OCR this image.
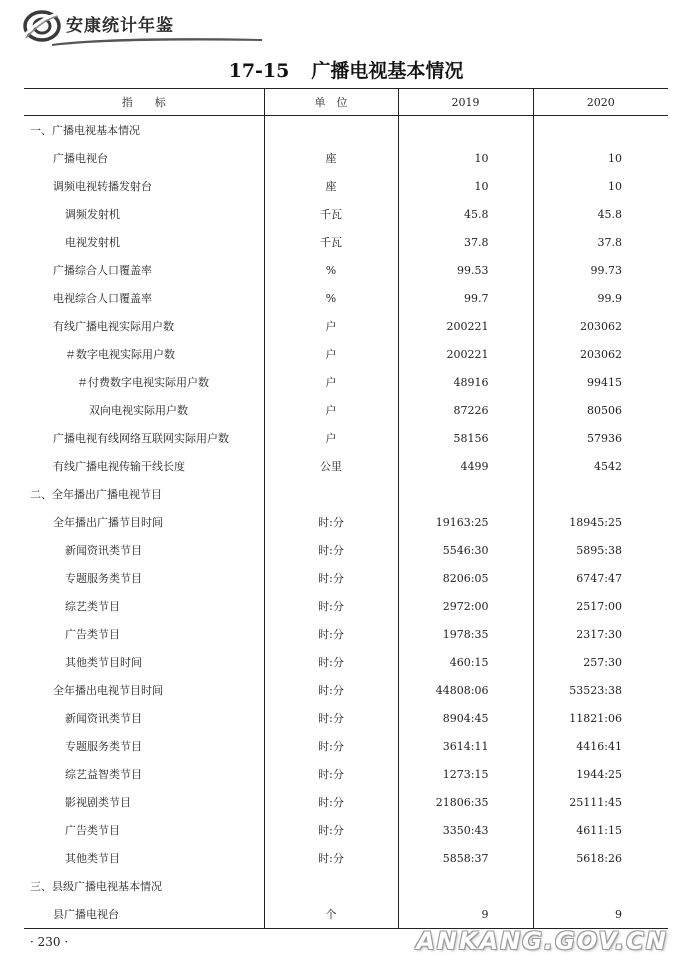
安康统计年鉴
17-15 广播电视基本情况
指　　标	单　位	2019	2020
一、广播电视基本情况			
广播电视台	座	10	10
调频电视转播发射台	座	10	10
调频发射机	千瓦	45.8	45.8
电视发射机	千瓦	37.8	37.8
广播综合人口覆盖率	%	99.53	99.73
电视综合人口覆盖率	%	99.7	99.9
有线广播电视实际用户数	户	200221	203062
＃数字电视实际用户数	户	200221	203062
＃付费数字电视实际用户数	户	48916	99415
双向电视实际用户数	户	87226	80506
广播电视有线网络互联网实际用户数	户	58156	57936
有线广播电视传输干线长度	公里	4499	4542
二、全年播出广播电视节目			
全年播出广播节目时间	时:分	19163:25	18945:25
新闻资讯类节目	时:分	5546:30	5895:38
专题服务类节目	时:分	8206:05	6747:47
综艺类节目	时:分	2972:00	2517:00
广告类节目	时:分	1978:35	2317:30
其他类节目时间	时:分	460:15	257:30
全年播出电视节目时间	时:分	44808:06	53523:38
新闻资讯类节目	时:分	8904:45	11821:06
专题服务类节目	时:分	3614:11	4416:41
综艺益智类节目	时:分	1273:15	1944:25
影视剧类节目	时:分	21806:35	25111:45
广告类节目	时:分	3350:43	4611:15
其他类节目	时:分	5858:37	5618:26
三、县级广播电视基本情况			
县广播电视台	个	9	9
· 230 ·	ANKANG.GOV.CN
